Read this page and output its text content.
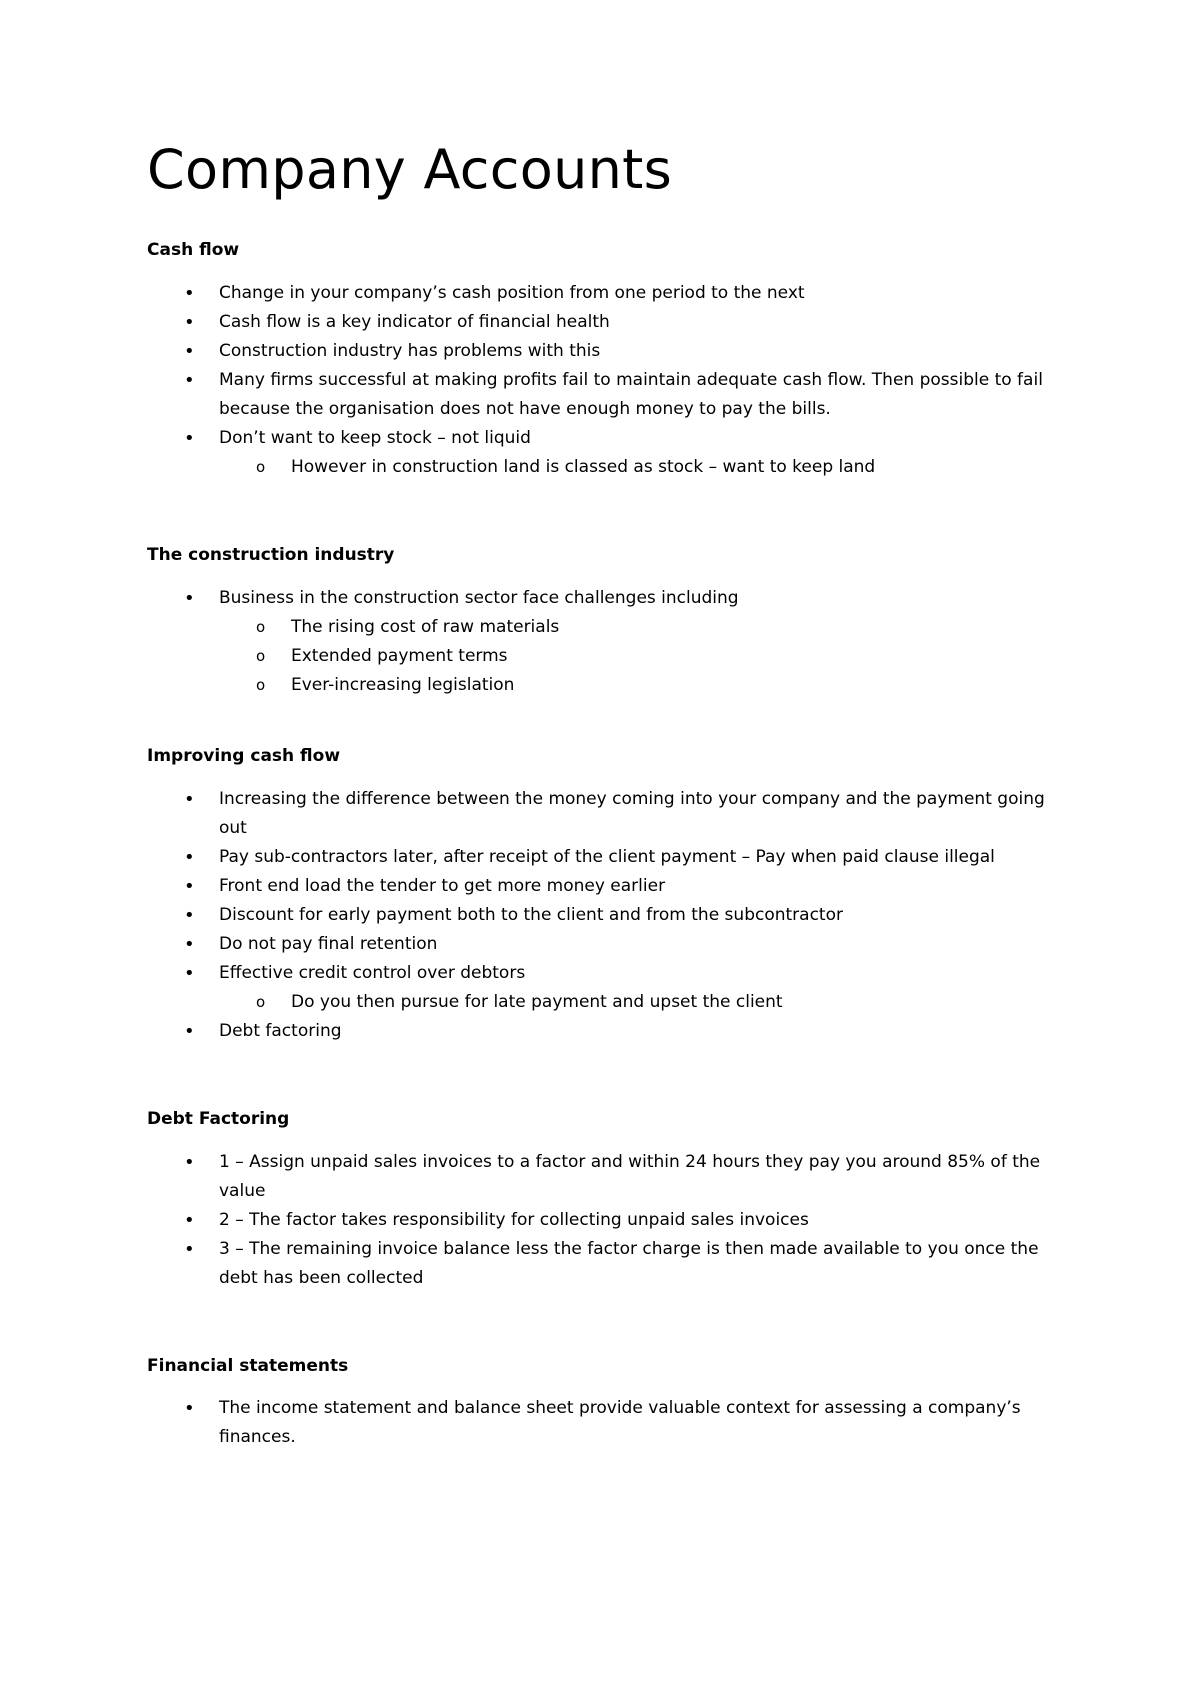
Company Accounts
Cash flow
• Change in your company’s cash position from one period to the next
• Cash flow is a key indicator of financial health
• Construction industry has problems with this
• Many firms successful at making profits fail to maintain adequate cash flow. Then possible to fail because the organisation does not have enough money to pay the bills.
• Don’t want to keep stock – not liquid
o However in construction land is classed as stock – want to keep land
The construction industry
• Business in the construction sector face challenges including
o The rising cost of raw materials
o Extended payment terms
o Ever-increasing legislation
Improving cash flow
• Increasing the difference between the money coming into your company and the payment going out
• Pay sub-contractors later, after receipt of the client payment – Pay when paid clause illegal
• Front end load the tender to get more money earlier
• Discount for early payment both to the client and from the subcontractor
• Do not pay final retention
• Effective credit control over debtors
o Do you then pursue for late payment and upset the client
• Debt factoring
Debt Factoring
• 1 – Assign unpaid sales invoices to a factor and within 24 hours they pay you around 85% of the value
• 2 – The factor takes responsibility for collecting unpaid sales invoices
• 3 – The remaining invoice balance less the factor charge is then made available to you once the debt has been collected
Financial statements
• The income statement and balance sheet provide valuable context for assessing a company’s finances.
